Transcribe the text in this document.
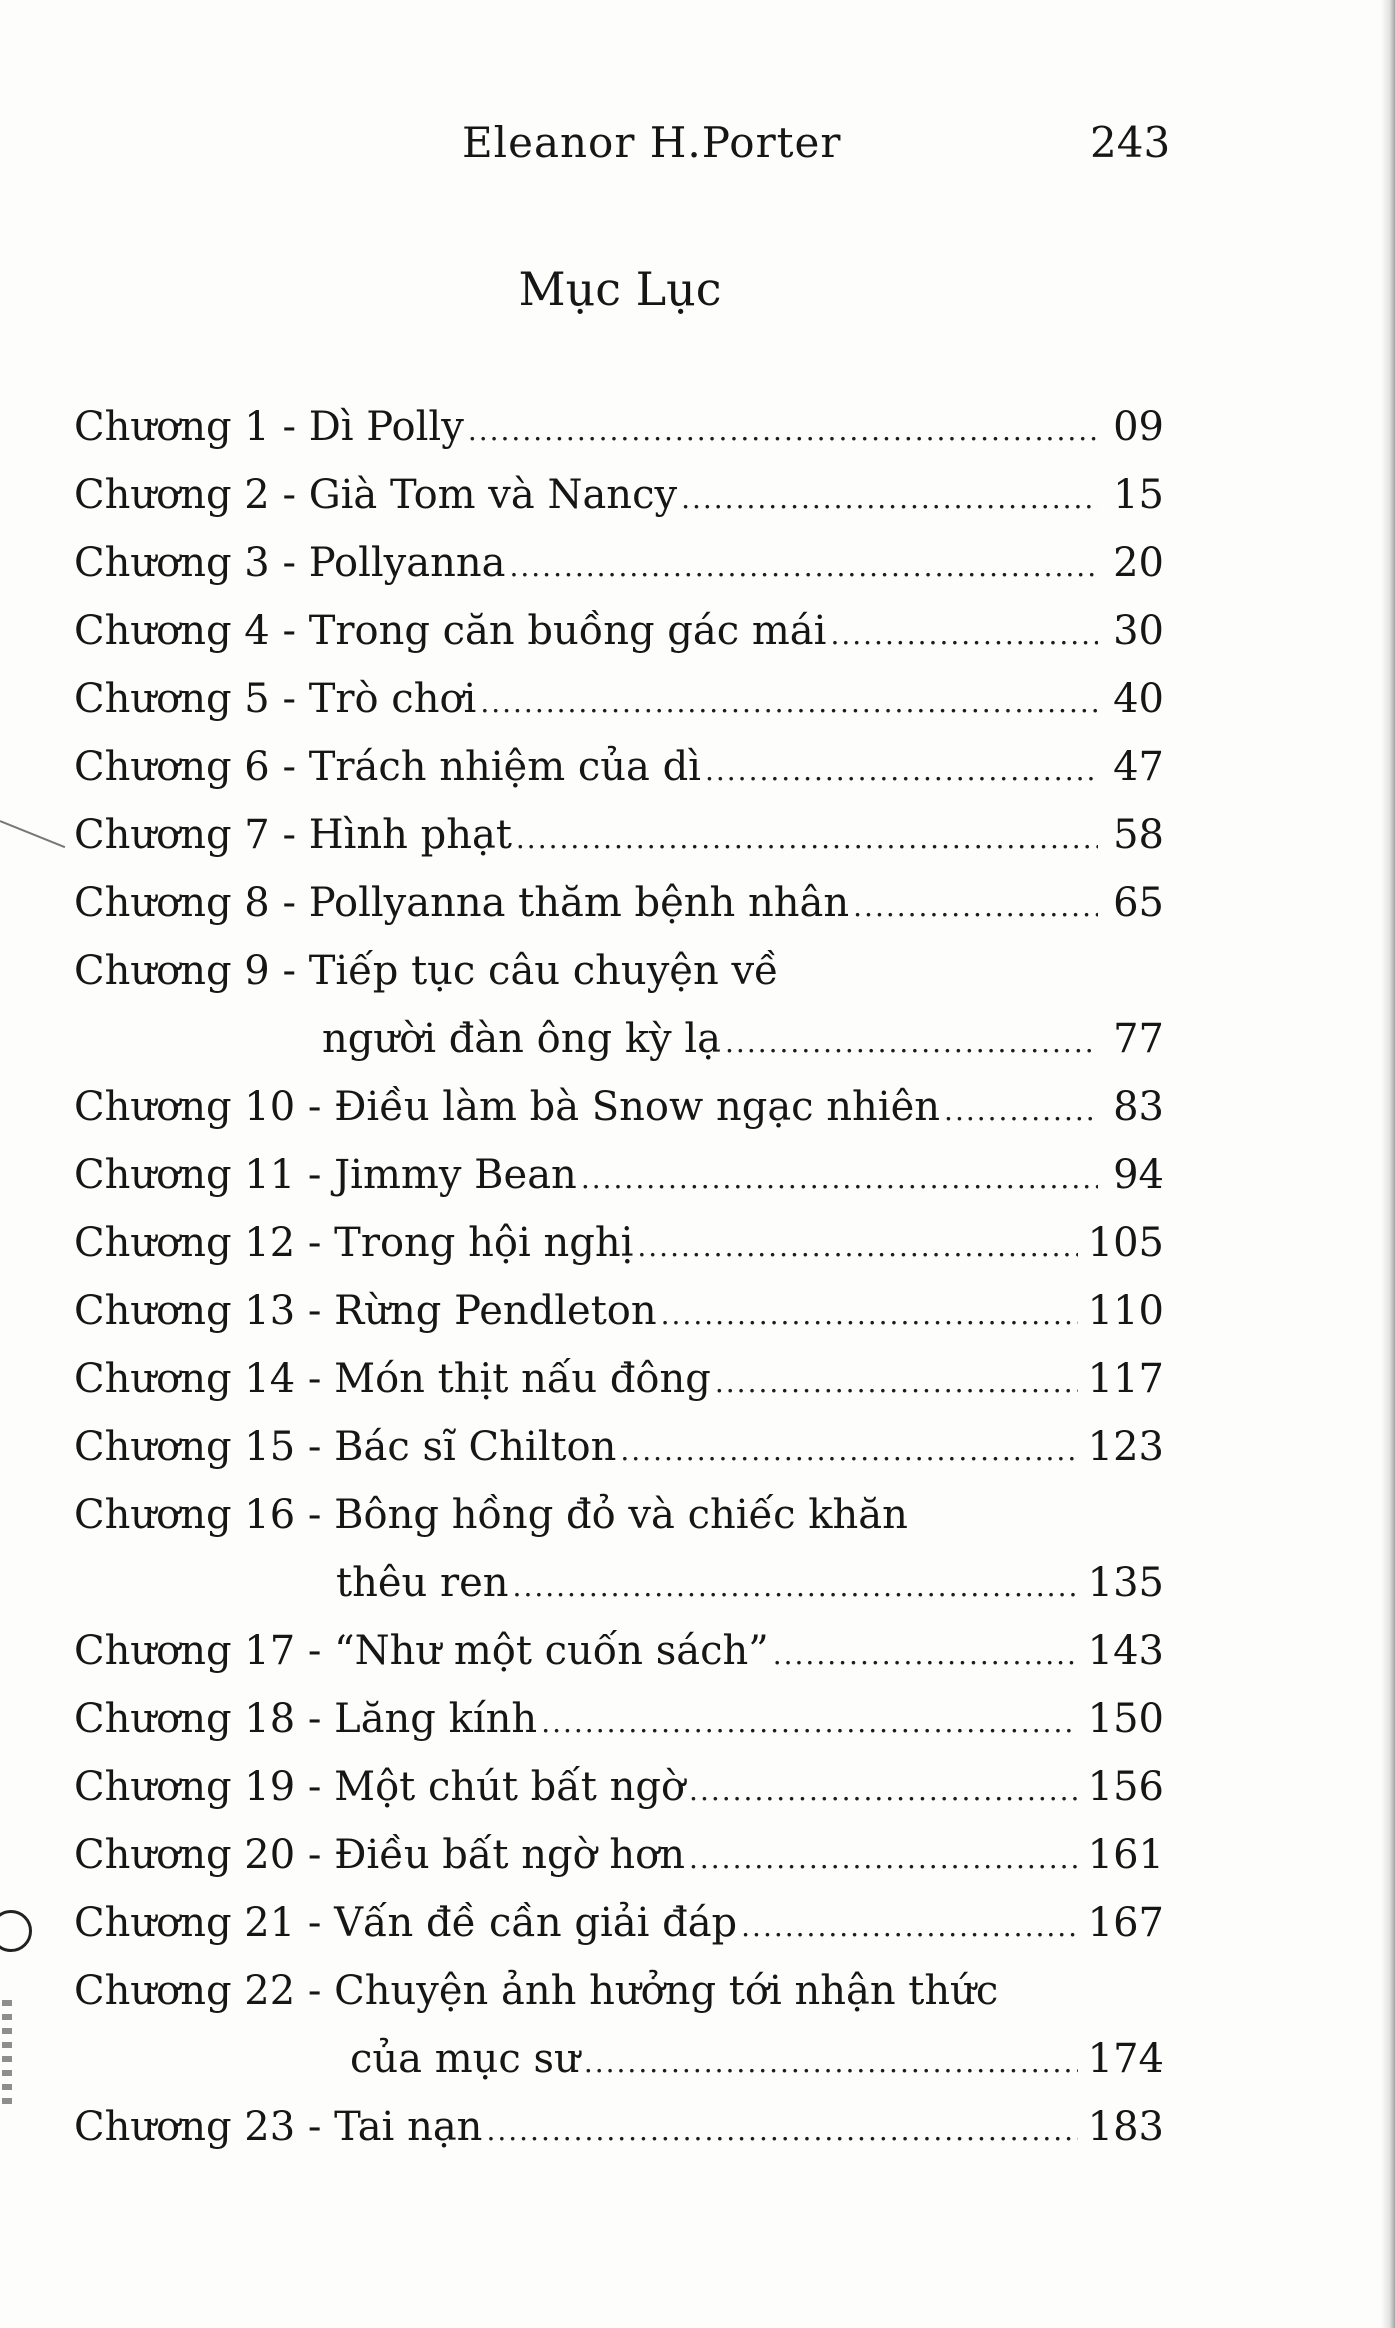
Eleanor H.Porter	243
Mục Lục
Chương 1 - Dì Polly .....	09
Chương 2 - Già Tom và Nancy .....	15
Chương 3 - Pollyanna .....	20
Chương 4 - Trong căn buồng gác mái .....	30
Chương 5 - Trò chơi .....	40
Chương 6 - Trách nhiệm của dì .....	47
Chương 7 - Hình phạt .....	58
Chương 8 - Pollyanna thăm bệnh nhân .....	65
Chương 9 - Tiếp tục câu chuyện về
người đàn ông kỳ lạ .....	77
Chương 10 - Điều làm bà Snow ngạc nhiên .....	83
Chương 11 - Jimmy Bean .....	94
Chương 12 - Trong hội nghị .....	105
Chương 13 - Rừng Pendleton .....	110
Chương 14 - Món thịt nấu đông .....	117
Chương 15 - Bác sĩ Chilton .....	123
Chương 16 - Bông hồng đỏ và chiếc khăn
thêu ren .....	135
Chương 17 - “Như một cuốn sách” .....	143
Chương 18 - Lăng kính .....	150
Chương 19 - Một chút bất ngờ .....	156
Chương 20 - Điều bất ngờ hơn .....	161
Chương 21 - Vấn đề cần giải đáp .....	167
Chương 22 - Chuyện ảnh hưởng tới nhận thức
của mục sư .....	174
Chương 23 - Tai nạn .....	183
